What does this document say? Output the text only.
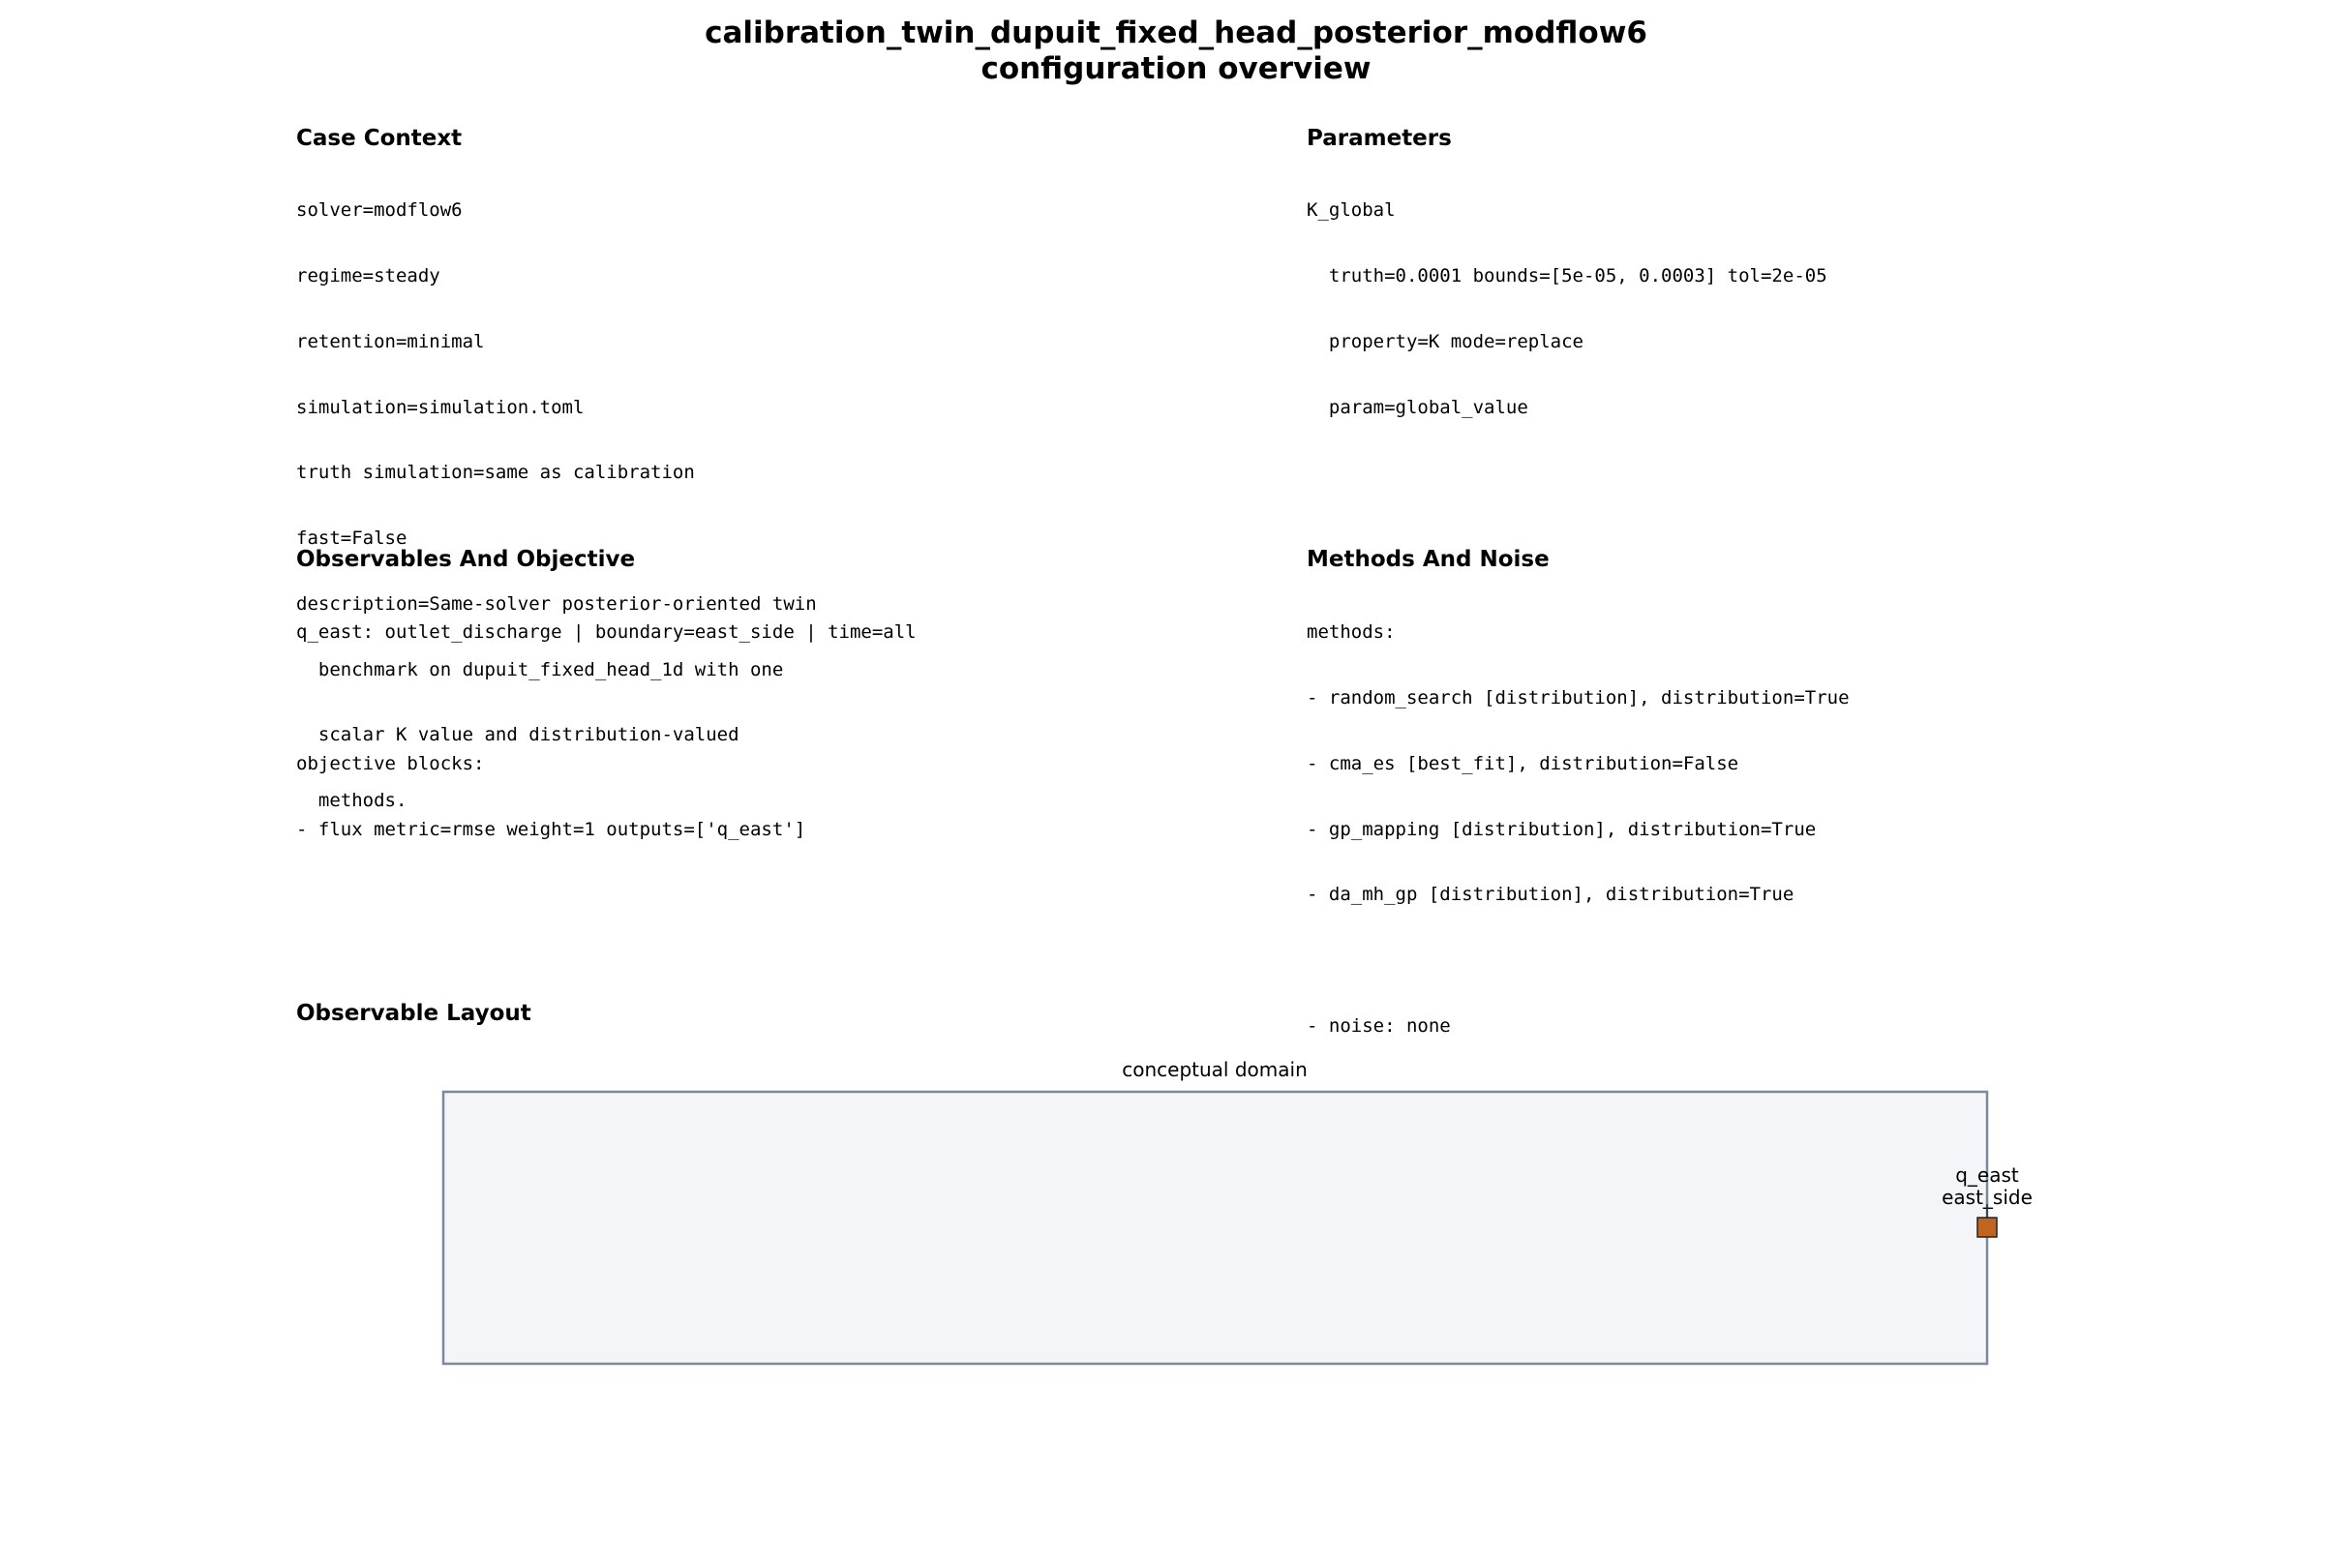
calibration_twin_dupuit_fixed_head_posterior_modflow6
configuration overview
Case Context

solver=modflow6

regime=steady

retention=minimal

simulation=simulation.toml

truth simulation=same as calibration

fast=False

description=Same-solver posterior-oriented twin

benchmark on dupuit_fixed_head_1d with one

scalar K value and distribution-valued

methods.

Parameters

K_global

truth=0.0001 bounds=[5e-05, 0.0003] tol=2e-05

property=K mode=replace

param=global_value

Observables And Objective

q_east: outlet_discharge | boundary=east_side | time=all

objective blocks:

- flux metric=rmse weight=1 outputs=['q_east']

Methods And Noise

methods:

- random_search [distribution], distribution=True

- cma_es [best_fit], distribution=False

- gp_mapping [distribution], distribution=True

- da_mh_gp [distribution], distribution=True

- noise: none

Observable Layout
conceptual domain
q_east
east_side
